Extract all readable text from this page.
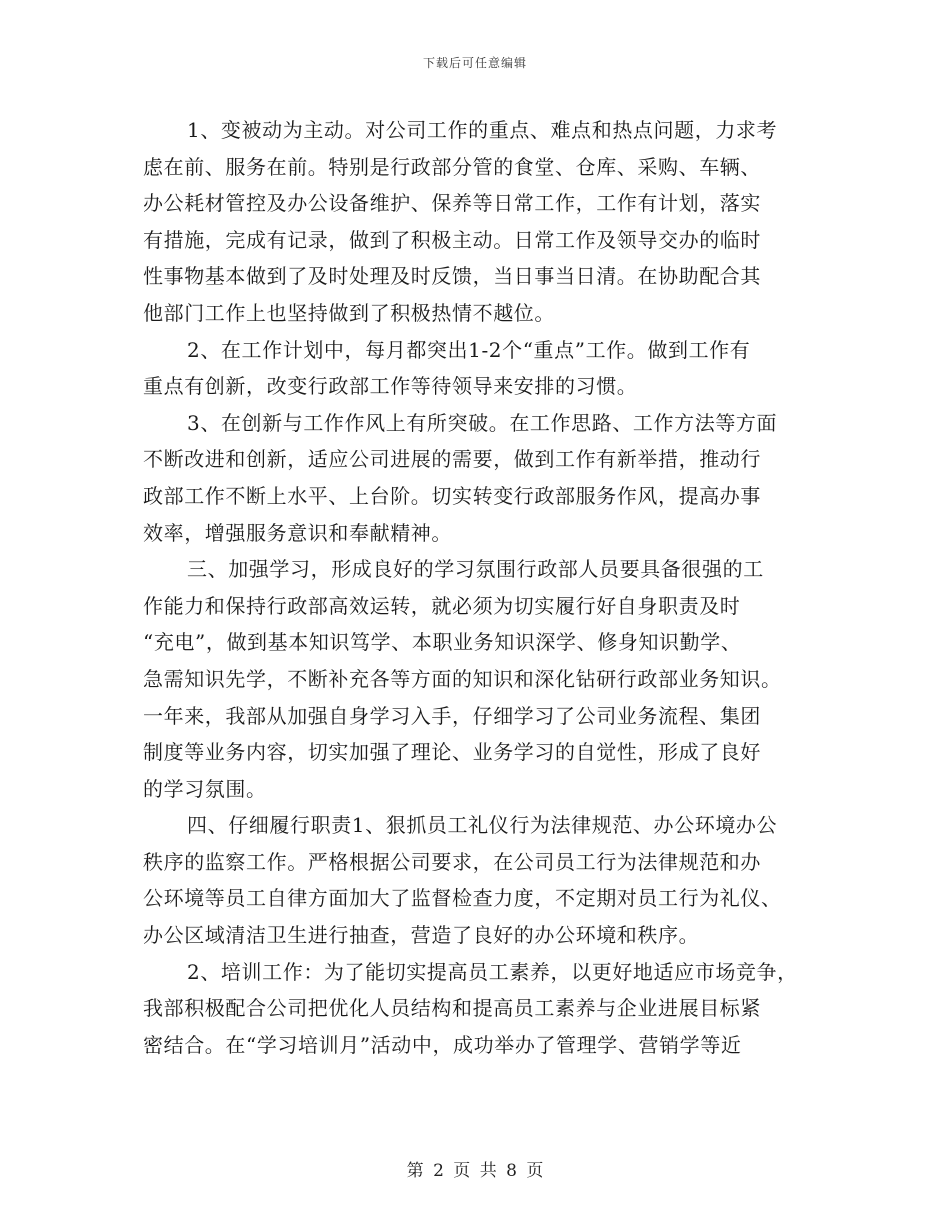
下载后可任意编辑
1、变被动为主动。对公司工作的重点、难点和热点问题，力求考
虑在前、服务在前。特别是行政部分管的食堂、仓库、采购、车辆、
办公耗材管控及办公设备维护、保养等日常工作，工作有计划，落实
有措施，完成有记录，做到了积极主动。日常工作及领导交办的临时
性事物基本做到了及时处理及时反馈，当日事当日清。在协助配合其
他部门工作上也坚持做到了积极热情不越位。
2、在工作计划中，每月都突出1-2个“重点”工作。做到工作有
重点有创新，改变行政部工作等待领导来安排的习惯。
3、在创新与工作作风上有所突破。在工作思路、工作方法等方面
不断改进和创新，适应公司进展的需要，做到工作有新举措，推动行
政部工作不断上水平、上台阶。切实转变行政部服务作风，提高办事
效率，增强服务意识和奉献精神。
三、加强学习，形成良好的学习氛围行政部人员要具备很强的工
作能力和保持行政部高效运转，就必须为切实履行好自身职责及时
“充电”，做到基本知识笃学、本职业务知识深学、修身知识勤学、
急需知识先学，不断补充各等方面的知识和深化钻研行政部业务知识。
一年来，我部从加强自身学习入手，仔细学习了公司业务流程、集团
制度等业务内容，切实加强了理论、业务学习的自觉性，形成了良好
的学习氛围。
四、仔细履行职责1、狠抓员工礼仪行为法律规范、办公环境办公
秩序的监察工作。严格根据公司要求，在公司员工行为法律规范和办
公环境等员工自律方面加大了监督检查力度，不定期对员工行为礼仪、
办公区域清洁卫生进行抽查，营造了良好的办公环境和秩序。
2、培训工作：为了能切实提高员工素养，以更好地适应市场竞争，
我部积极配合公司把优化人员结构和提高员工素养与企业进展目标紧
密结合。在“学习培训月”活动中，成功举办了管理学、营销学等近
第 2 页 共 8 页
